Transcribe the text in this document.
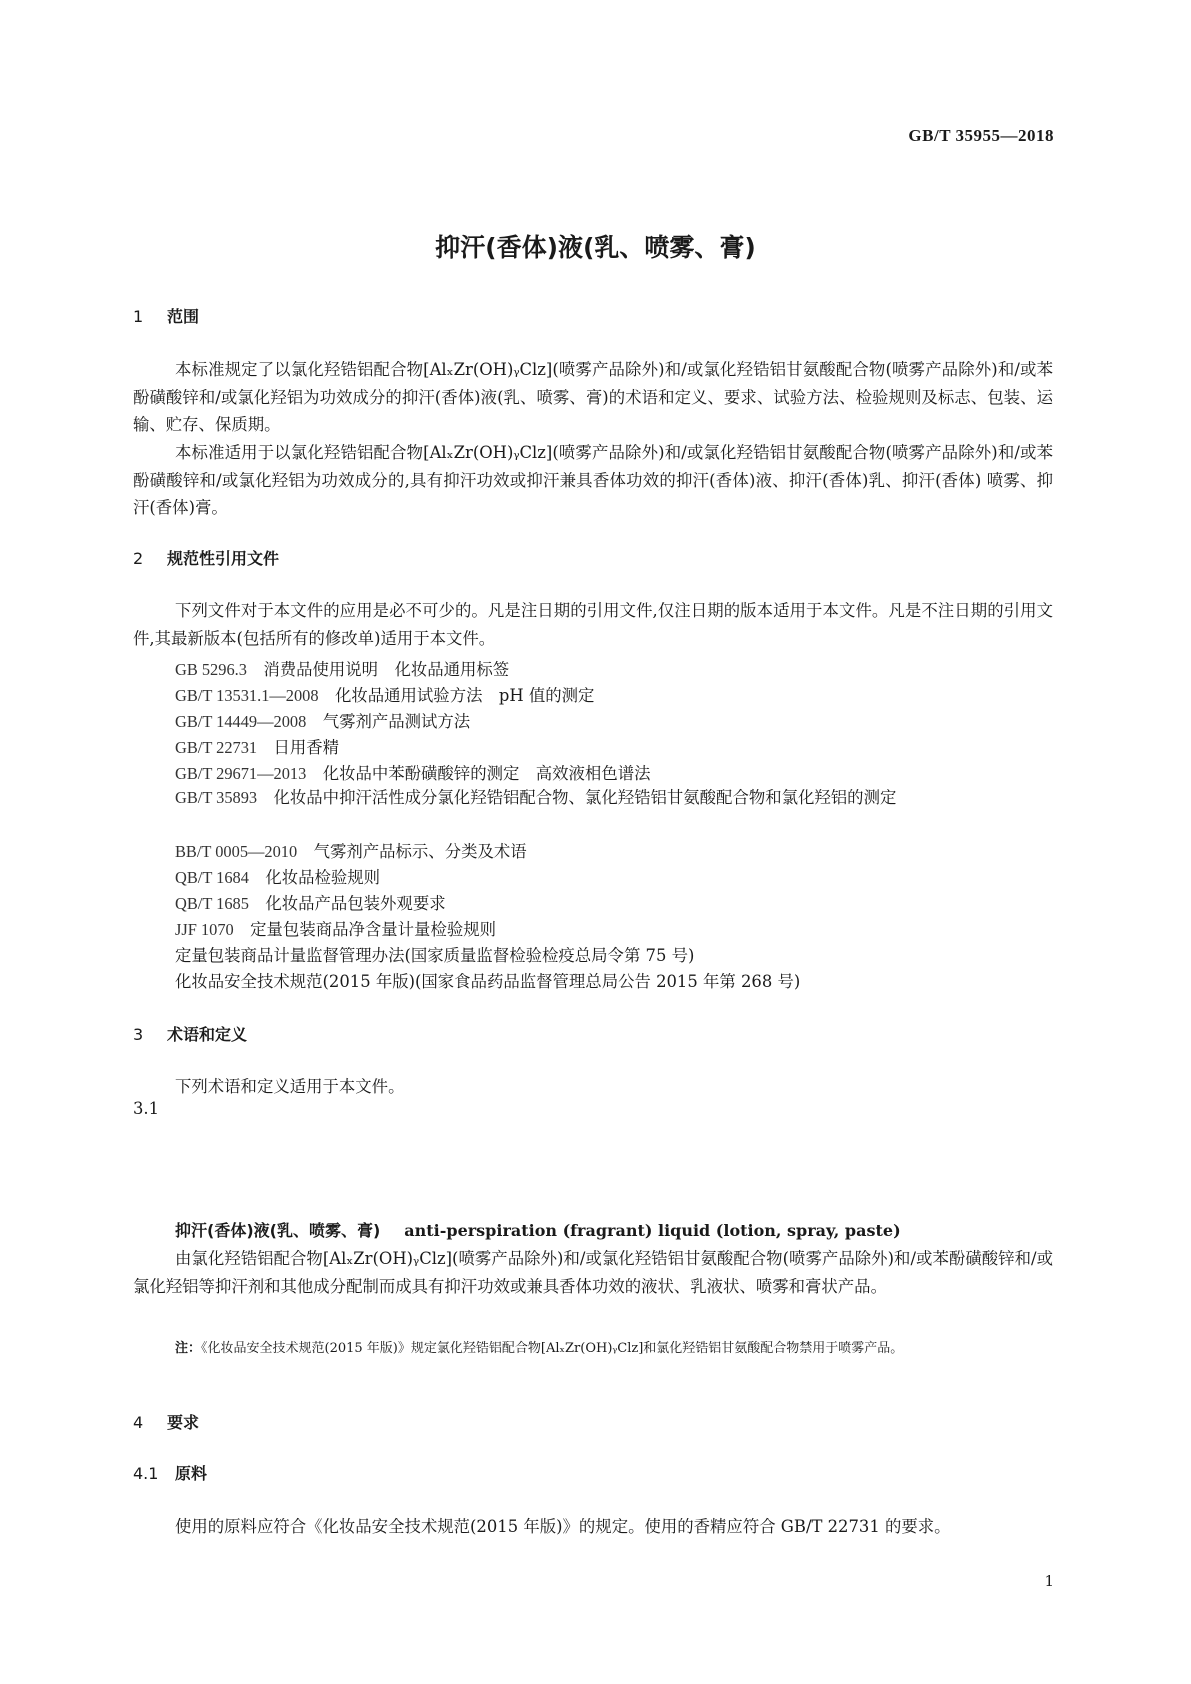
GB/T 35955—2018
抑汗(香体)液(乳、喷雾、膏)
1 范围
本标准规定了以氯化羟锆铝配合物[AlₓZr(OH)ᵧClz](喷雾产品除外)和/或氯化羟锆铝甘氨酸配合物(喷雾产品除外)和/或苯酚磺酸锌和/或氯化羟铝为功效成分的抑汗(香体)液(乳、喷雾、膏)的术语和定义、要求、试验方法、检验规则及标志、包装、运输、贮存、保质期。
本标准适用于以氯化羟锆铝配合物[AlₓZr(OH)ᵧClz](喷雾产品除外)和/或氯化羟锆铝甘氨酸配合物(喷雾产品除外)和/或苯酚磺酸锌和/或氯化羟铝为功效成分的,具有抑汗功效或抑汗兼具香体功效的抑汗(香体)液、抑汗(香体)乳、抑汗(香体) 喷雾、抑汗(香体)膏。
2 规范性引用文件
下列文件对于本文件的应用是必不可少的。凡是注日期的引用文件,仅注日期的版本适用于本文件。凡是不注日期的引用文件,其最新版本(包括所有的修改单)适用于本文件。
GB 5296.3　 消费品使用说明　化妆品通用标签
GB/T 13531.1—2008　 化妆品通用试验方法　pH 值的测定
GB/T 14449—2008　 气雾剂产品测试方法
GB/T 22731　 日用香精
GB/T 29671—2013　 化妆品中苯酚磺酸锌的测定　高效液相色谱法
GB/T 35893　 化妆品中抑汗活性成分氯化羟锆铝配合物、氯化羟锆铝甘氨酸配合物和氯化羟铝的测定
BB/T 0005—2010　 气雾剂产品标示、分类及术语
QB/T 1684　 化妆品检验规则
QB/T 1685　 化妆品产品包装外观要求
JJF 1070　 定量包装商品净含量计量检验规则
定量包装商品计量监督管理办法(国家质量监督检验检疫总局令第 75 号)
化妆品安全技术规范(2015 年版)(国家食品药品监督管理总局公告 2015 年第 268 号)
3 术语和定义
下列术语和定义适用于本文件。
3.1
抑汗(香体)液(乳、喷雾、膏) anti-perspiration (fragrant) liquid (lotion, spray, paste)
由氯化羟锆铝配合物[AlₓZr(OH)ᵧClz](喷雾产品除外)和/或氯化羟锆铝甘氨酸配合物(喷雾产品除外)和/或苯酚磺酸锌和/或氯化羟铝等抑汗剂和其他成分配制而成具有抑汗功效或兼具香体功效的液状、乳液状、喷雾和膏状产品。
注：《化妆品安全技术规范(2015 年版)》规定氯化羟锆铝配合物[AlₓZr(OH)ᵧClz]和氯化羟锆铝甘氨酸配合物禁用于喷雾产品。
4 要求
4.1 原料
使用的原料应符合《化妆品安全技术规范(2015 年版)》的规定。使用的香精应符合 GB/T 22731 的要求。
1
